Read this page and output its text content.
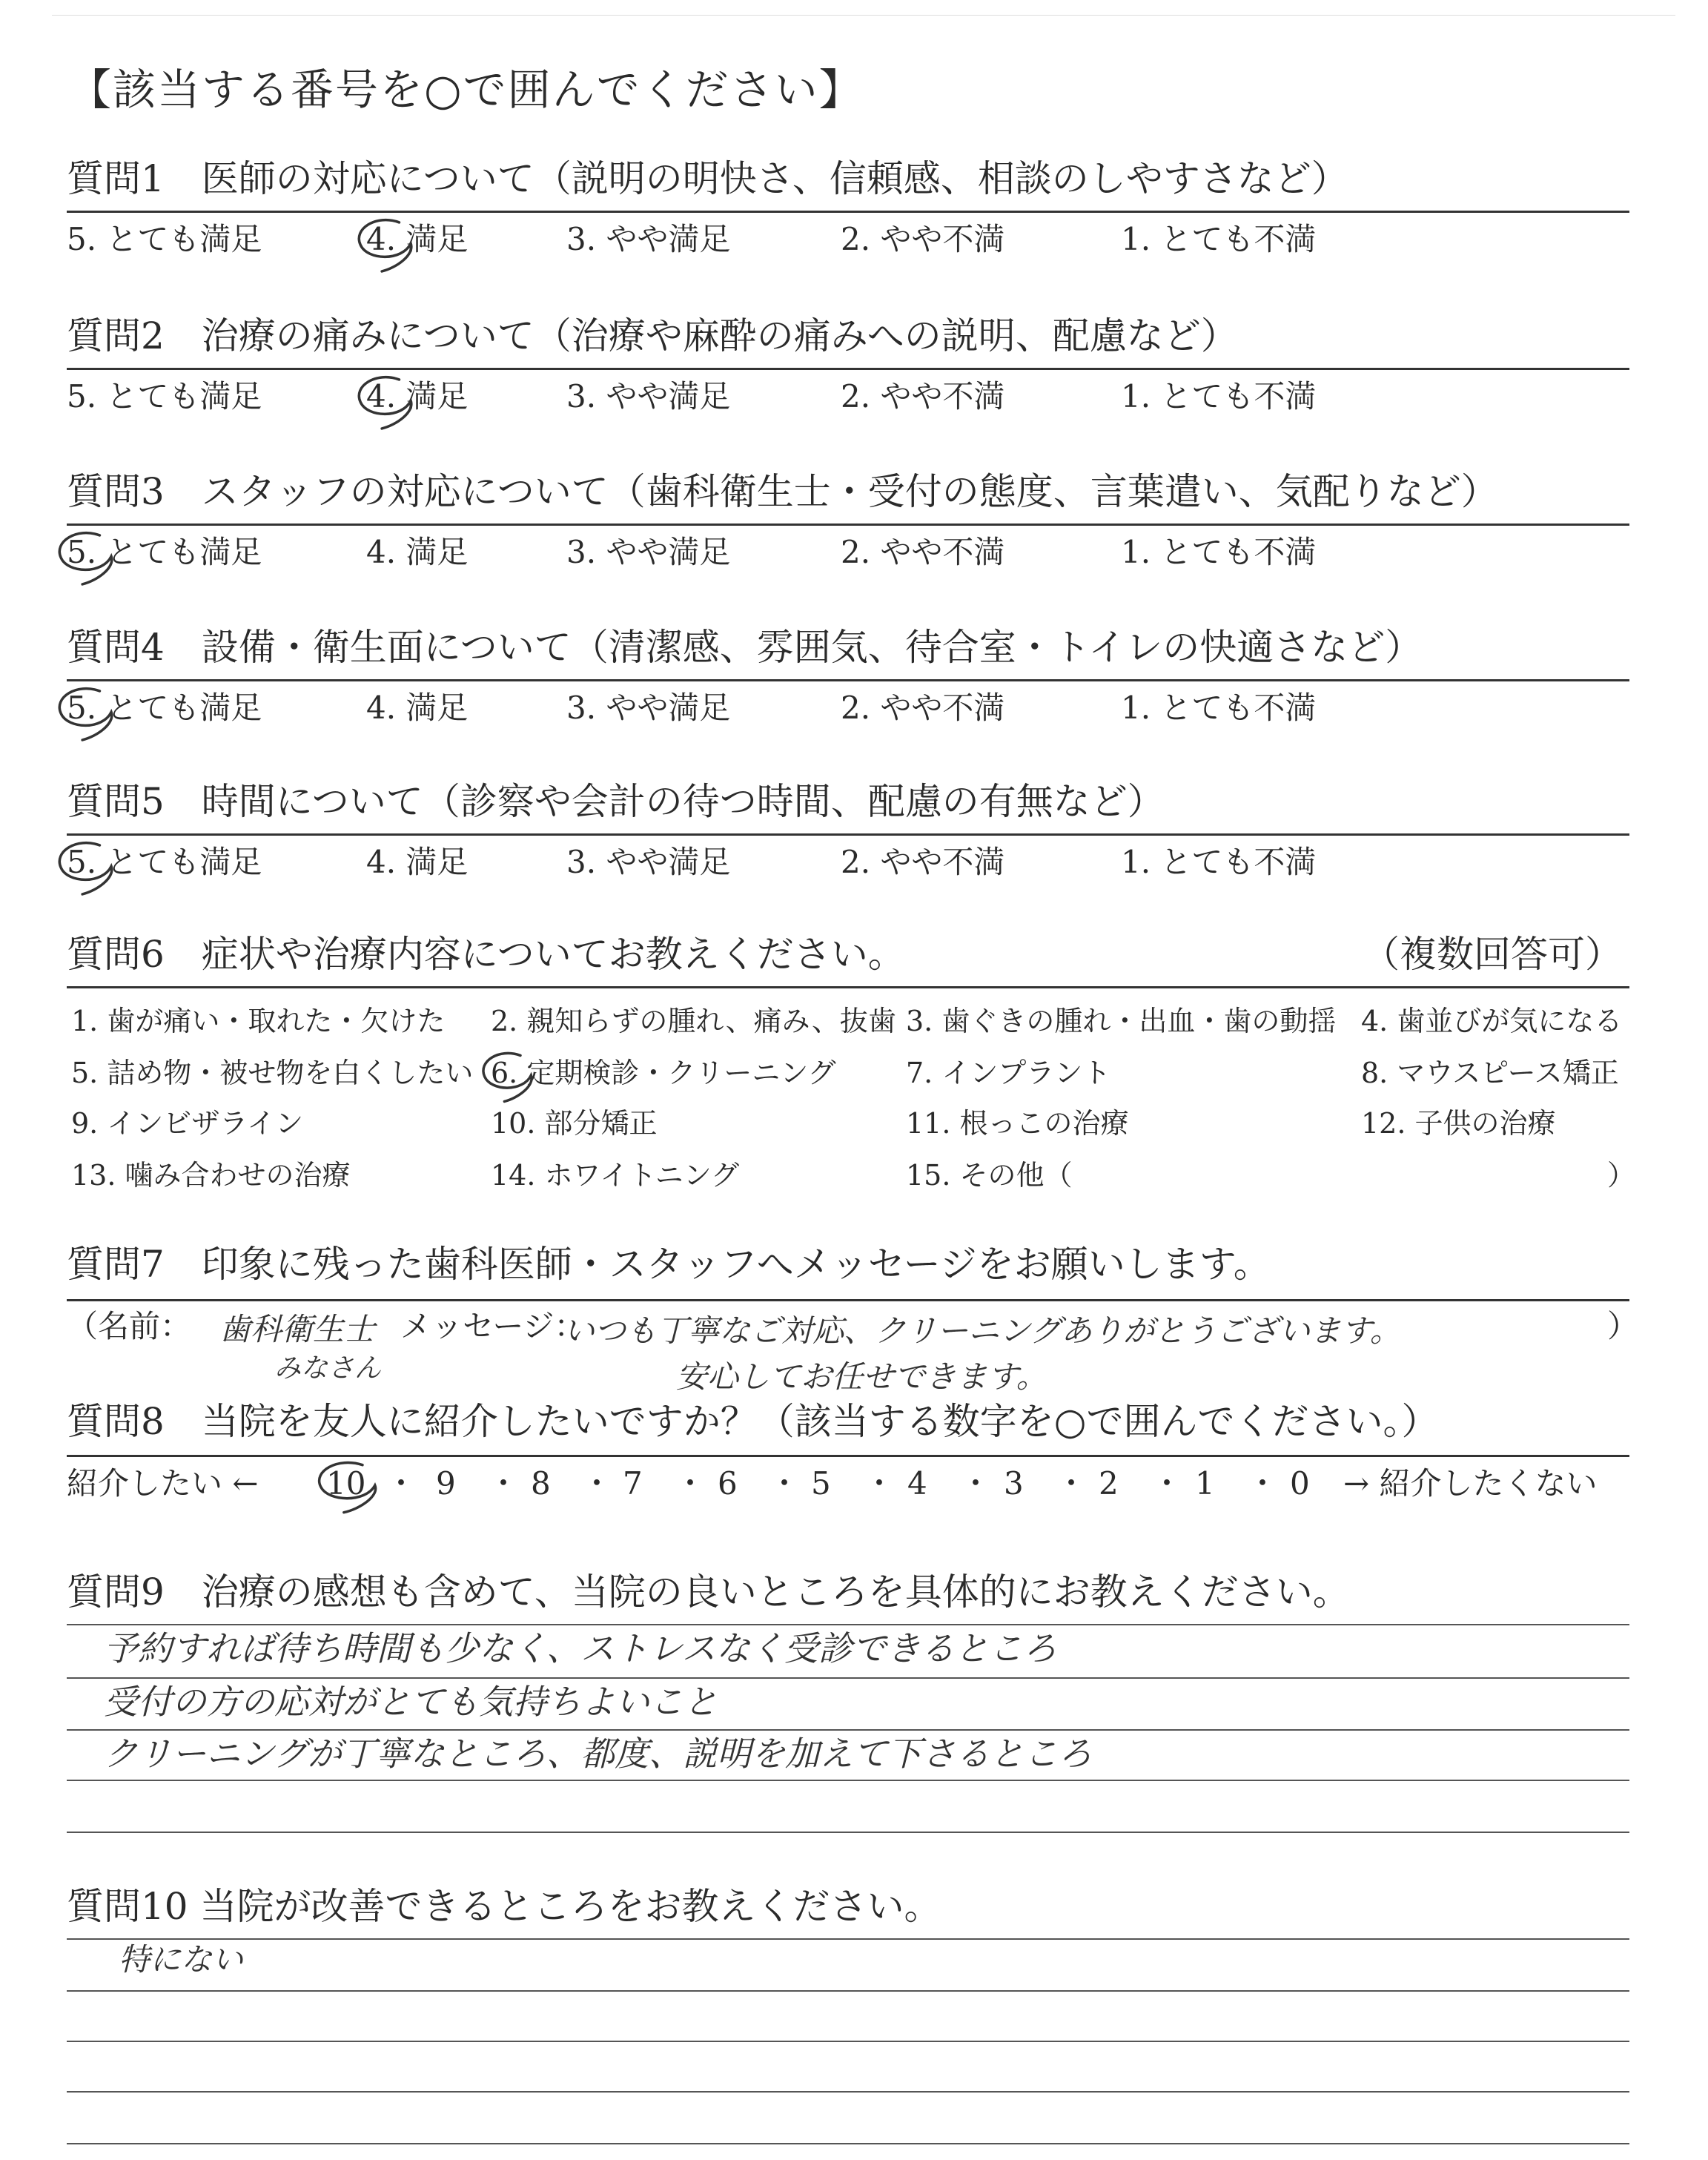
【該当する番号を○で囲んでください】
質問1　医師の対応について（説明の明快さ、信頼感、相談のしやすさなど）
5. とても満足	4. 満足	3. やや満足	2. やや不満	1. とても不満
質問2　治療の痛みについて（治療や麻酔の痛みへの説明、配慮など）
5. とても満足	4. 満足	3. やや満足	2. やや不満	1. とても不満
質問3　スタッフの対応について（歯科衛生士・受付の態度、言葉遣い、気配りなど）
5. とても満足	4. 満足	3. やや満足	2. やや不満	1. とても不満
質問4　設備・衛生面について（清潔感、雰囲気、待合室・トイレの快適さなど）
5. とても満足	4. 満足	3. やや満足	2. やや不満	1. とても不満
質問5　時間について（診察や会計の待つ時間、配慮の有無など）
5. とても満足	4. 満足	3. やや満足	2. やや不満	1. とても不満
質問6　症状や治療内容についてお教えください。	（複数回答可）
1. 歯が痛い・取れた・欠けた 2. 親知らずの腫れ、痛み、抜歯 3. 歯ぐきの腫れ・出血・歯の動揺 4. 歯並びが気になる
5. 詰め物・被せ物を白くしたい 6. 定期検診・クリーニング 7. インプラント	8. マウスピース矯正
9. インビザライン	10. 部分矯正	11. 根っこの治療	12. 子供の治療
13. 噛み合わせの治療	14. ホワイトニング	15. その他（	）
質問7　印象に残った歯科医師・スタッフへメッセージをお願いします。
（名前： 歯科衛生士
みなさん
メッセージ：
いつも丁寧なご対応、クリーニングありがとうございます。
安心してお任せできます。
）
質問8　当院を友人に紹介したいですか？（該当する数字を○で囲んでください。）
紹介したい ← 10 ・ 9 ・ 8 ・ 7 ・ 6 ・ 5 ・ 4 ・ 3 ・ 2 ・ 1 ・ 0 → 紹介したくない
質問9　治療の感想も含めて、当院の良いところを具体的にお教えください。
予約すれば待ち時間も少なく、ストレスなく受診できるところ
受付の方の応対がとても気持ちよいこと
クリーニングが丁寧なところ、都度、説明を加えて下さるところ
質問10 当院が改善できるところをお教えください。
特にない
